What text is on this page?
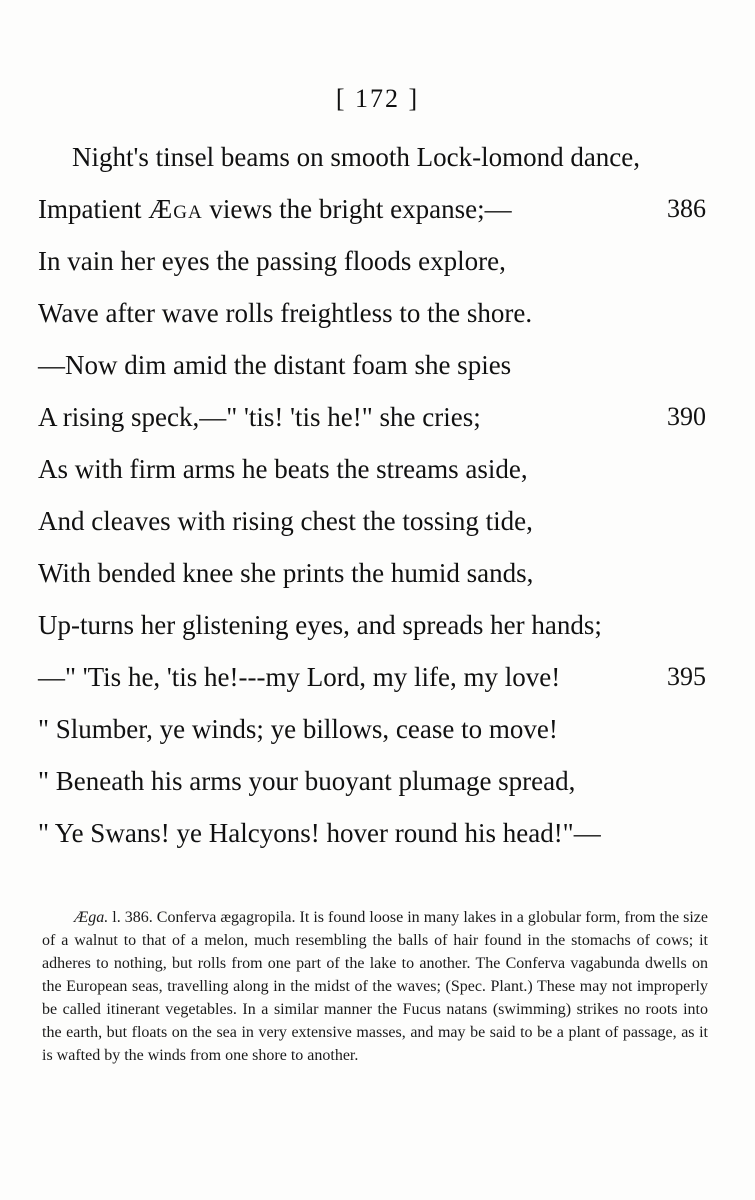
[ 172 ]
Night's tinsel beams on smooth Lock-lomond dance,
Impatient Ægа views the bright expanse;—	386
In vain her eyes the passing floods explore,
Wave after wave rolls freightless to the shore.
—Now dim amid the distant foam she spies
A rising speck,—" 'tis! 'tis he!" she cries;	390
As with firm arms he beats the streams aside,
And cleaves with rising chest the tossing tide,
With bended knee she prints the humid sands,
Up-turns her glistening eyes, and spreads her hands;
—" 'Tis he, 'tis he!---my Lord, my life, my love!	395
" Slumber, ye winds; ye billows, cease to move!
" Beneath his arms your buoyant plumage spread,
" Ye Swans! ye Halcyons! hover round his head!"—
Æga. l. 386. Conferva ægagropila. It is found loose in many lakes in a globular form, from the size of a walnut to that of a melon, much resembling the balls of hair found in the stomachs of cows; it adheres to nothing, but rolls from one part of the lake to another. The Conferva vagabunda dwells on the European seas, travelling along in the midst of the waves; (Spec. Plant.) These may not improperly be called itinerant vegetables. In a similar manner the Fucus natans (swimming) strikes no roots into the earth, but floats on the sea in very extensive masses, and may be said to be a plant of passage, as it is wafted by the winds from one shore to another.
